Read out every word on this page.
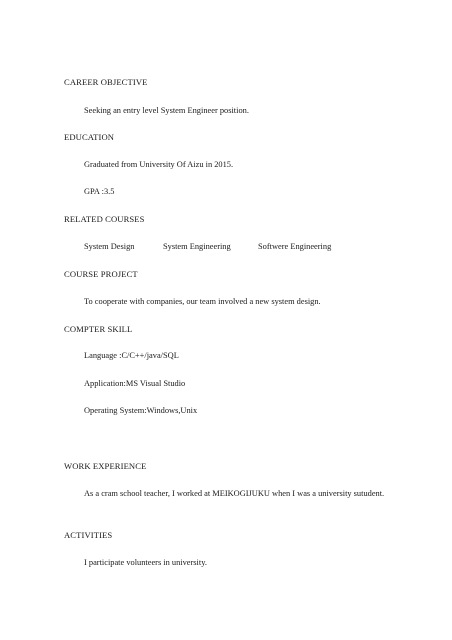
CAREER OBJECTIVE
Seeking an entry level System Engineer position.
EDUCATION
Graduated from University Of Aizu in 2015.
GPA :3.5
RELATED COURSES
System Design	System Engineering	Softwere Engineering
COURSE PROJECT
To cooperate with companies, our team involved a new system design.
COMPTER SKILL
Language :C/C++/java/SQL
Application:MS Visual Studio
Operating System:Windows,Unix
WORK EXPERIENCE
As a cram school teacher, I worked at MEIKOGIJUKU when I was a university sutudent.
ACTIVITIES
I participate volunteers in university.
